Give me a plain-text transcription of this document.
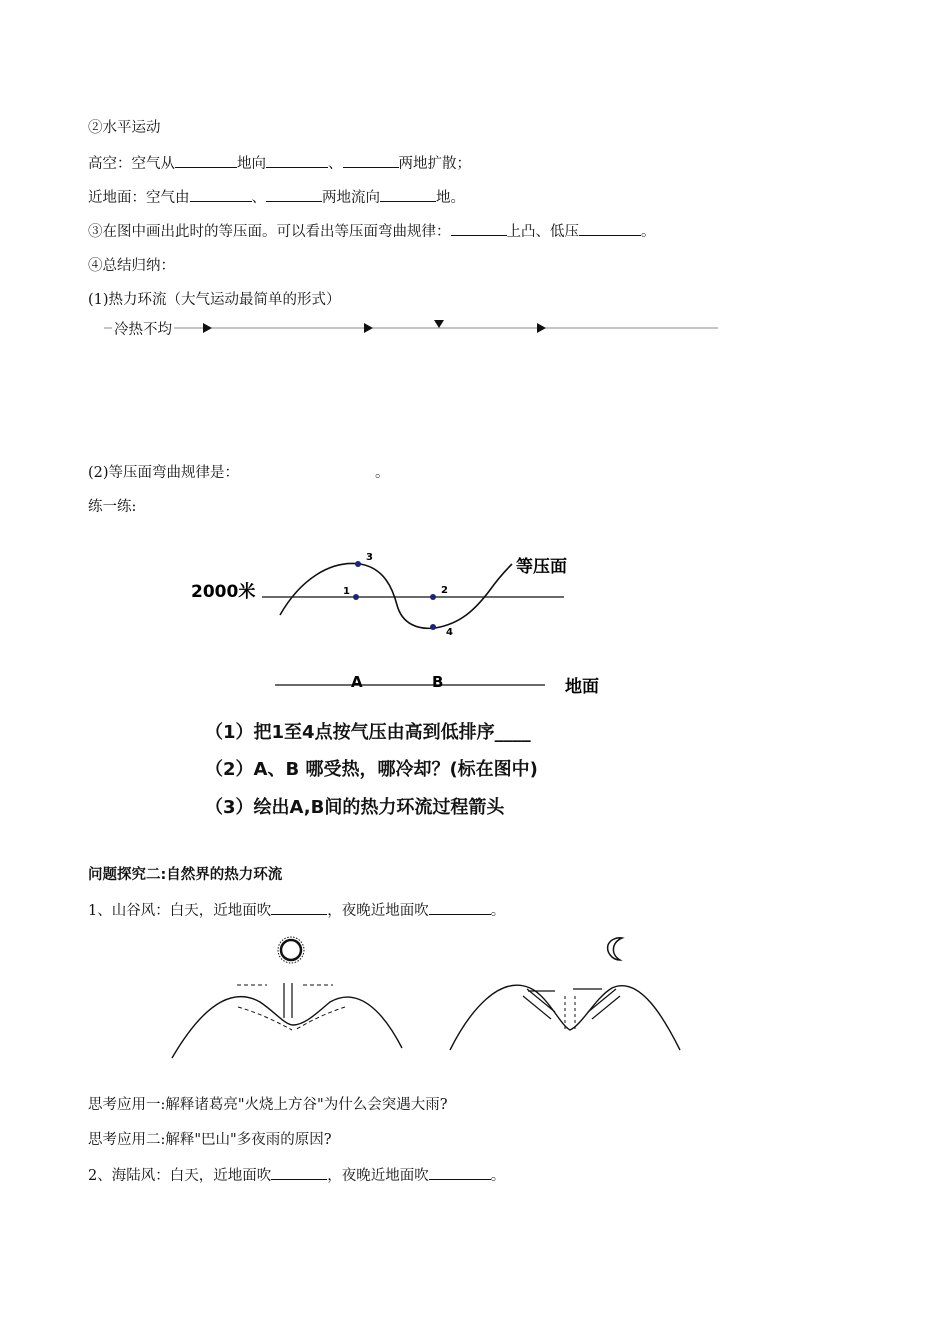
②水平运动
高空：空气从	地向	、	两地扩散；
近地面：空气由	、	两地流向	地。
③在图中画出此时的等压面。可以看出等压面弯曲规律：	上凸、低压	。
④总结归纳：
(1)热力环流（大气运动最简单的形式）
冷热不均
(2)等压面弯曲规律是：	。
练一练:
3
1	2
4
2000米
等压面
A	B	地面
（1）把1至4点按气压由高到低排序____
（2）A、B 哪受热，哪冷却？(标在图中)
（3）绘出A,B间的热力环流过程箭头
问题探究二:自然界的热力环流
1、山谷风：白天，近地面吹	，夜晚近地面吹	。
思考应用一:解释诸葛亮"火烧上方谷"为什么会突遇大雨?
思考应用二:解释"巴山"多夜雨的原因?
2、海陆风：白天，近地面吹	，夜晚近地面吹	。
